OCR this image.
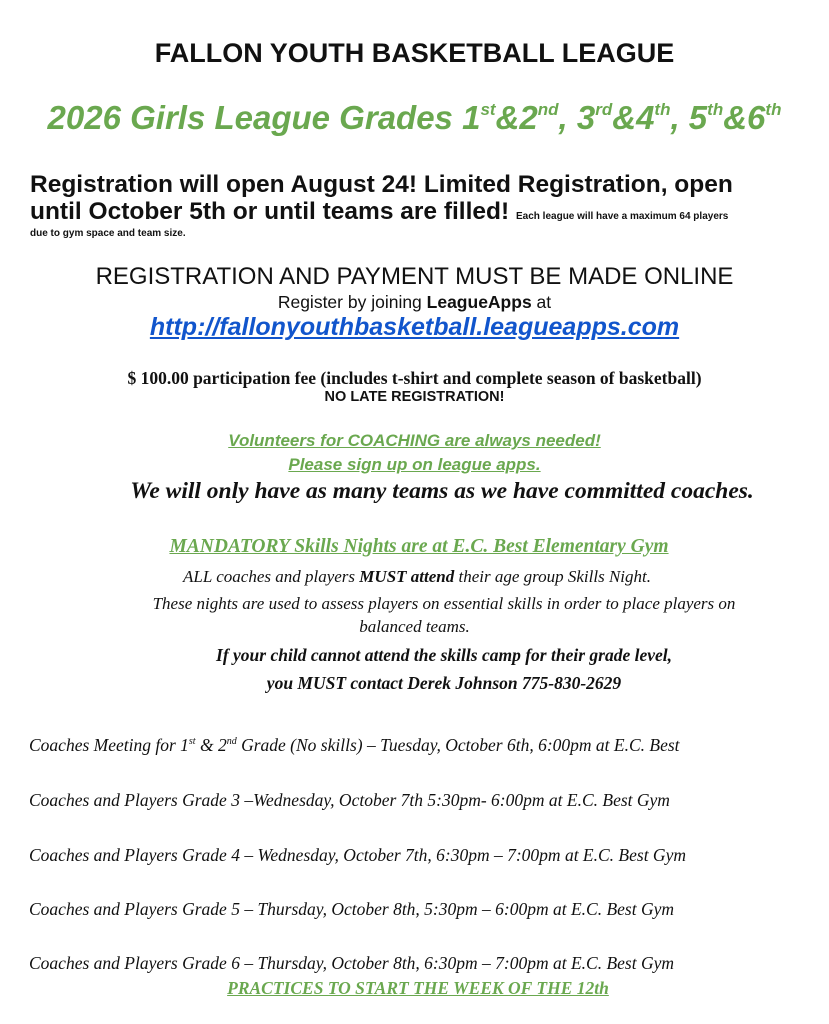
FALLON YOUTH BASKETBALL LEAGUE
2026 Girls League Grades 1st&2nd, 3rd&4th, 5th&6th
Registration will open August 24! Limited Registration, open
until October 5th or until teams are filled! Each league will have a maximum 64 players
due to gym space and team size.
REGISTRATION AND PAYMENT MUST BE MADE ONLINE
Register by joining LeagueApps at
http://fallonyouthbasketball.leagueapps.com
$ 100.00 participation fee (includes t-shirt and complete season of basketball)
NO LATE REGISTRATION!
Volunteers for COACHING are always needed!
Please sign up on league apps.
We will only have as many teams as we have committed coaches.
MANDATORY Skills Nights are at E.C. Best Elementary Gym
ALL coaches and players MUST attend their age group Skills Night.
These nights are used to assess players on essential skills in order to place players on
balanced teams.
If your child cannot attend the skills camp for their grade level,
you MUST contact Derek Johnson 775-830-2629
Coaches Meeting for 1st & 2nd Grade (No skills) – Tuesday, October 6th, 6:00pm at E.C. Best
Coaches and Players Grade 3 –Wednesday, October 7th 5:30pm- 6:00pm at E.C. Best Gym
Coaches and Players Grade 4 – Wednesday, October 7th, 6:30pm – 7:00pm at E.C. Best Gym
Coaches and Players Grade 5 – Thursday, October 8th, 5:30pm – 6:00pm at E.C. Best Gym
Coaches and Players Grade 6 – Thursday, October 8th, 6:30pm – 7:00pm at E.C. Best Gym
PRACTICES TO START THE WEEK OF THE 12th
